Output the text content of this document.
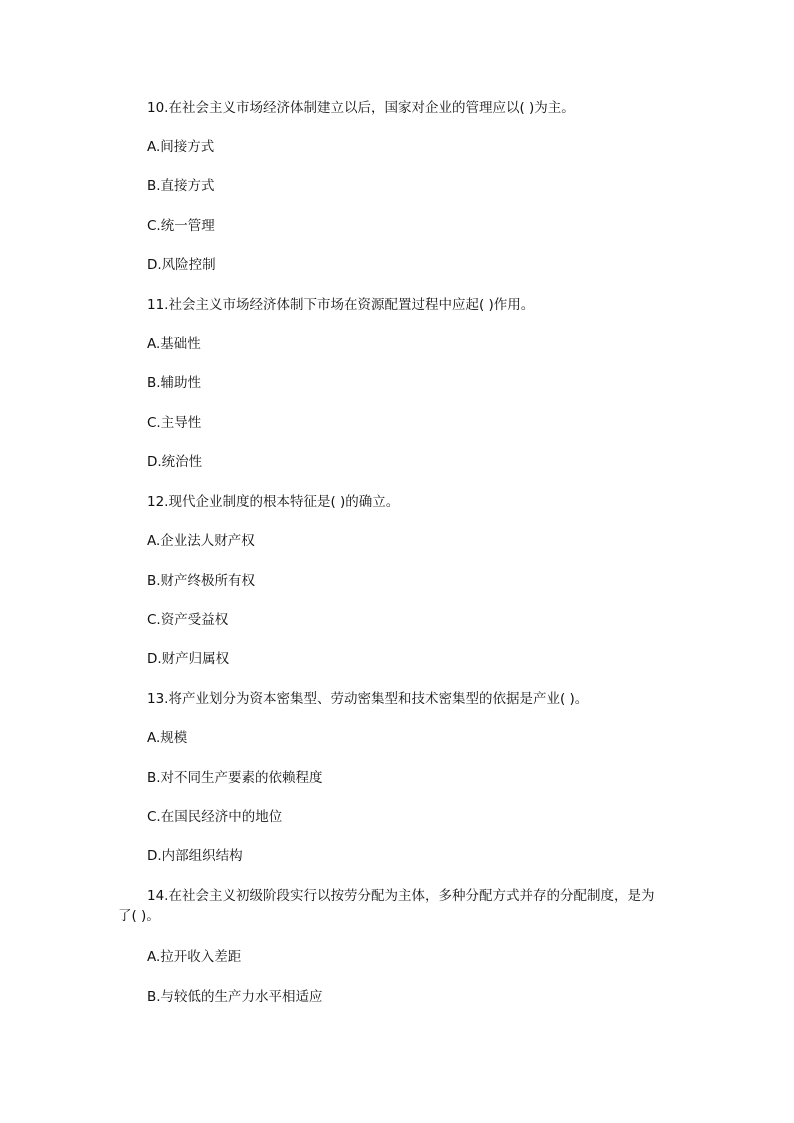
10.在社会主义市场经济体制建立以后，国家对企业的管理应以( )为主。
A.间接方式
B.直接方式
C.统一管理
D.风险控制
11.社会主义市场经济体制下市场在资源配置过程中应起( )作用。
A.基础性
B.辅助性
C.主导性
D.统治性
12.现代企业制度的根本特征是( )的确立。
A.企业法人财产权
B.财产终极所有权
C.资产受益权
D.财产归属权
13.将产业划分为资本密集型、劳动密集型和技术密集型的依据是产业( )。
A.规模
B.对不同生产要素的依赖程度
C.在国民经济中的地位
D.内部组织结构
14.在社会主义初级阶段实行以按劳分配为主体，多种分配方式并存的分配制度，是为
了( )。
A.拉开收入差距
B.与较低的生产力水平相适应
